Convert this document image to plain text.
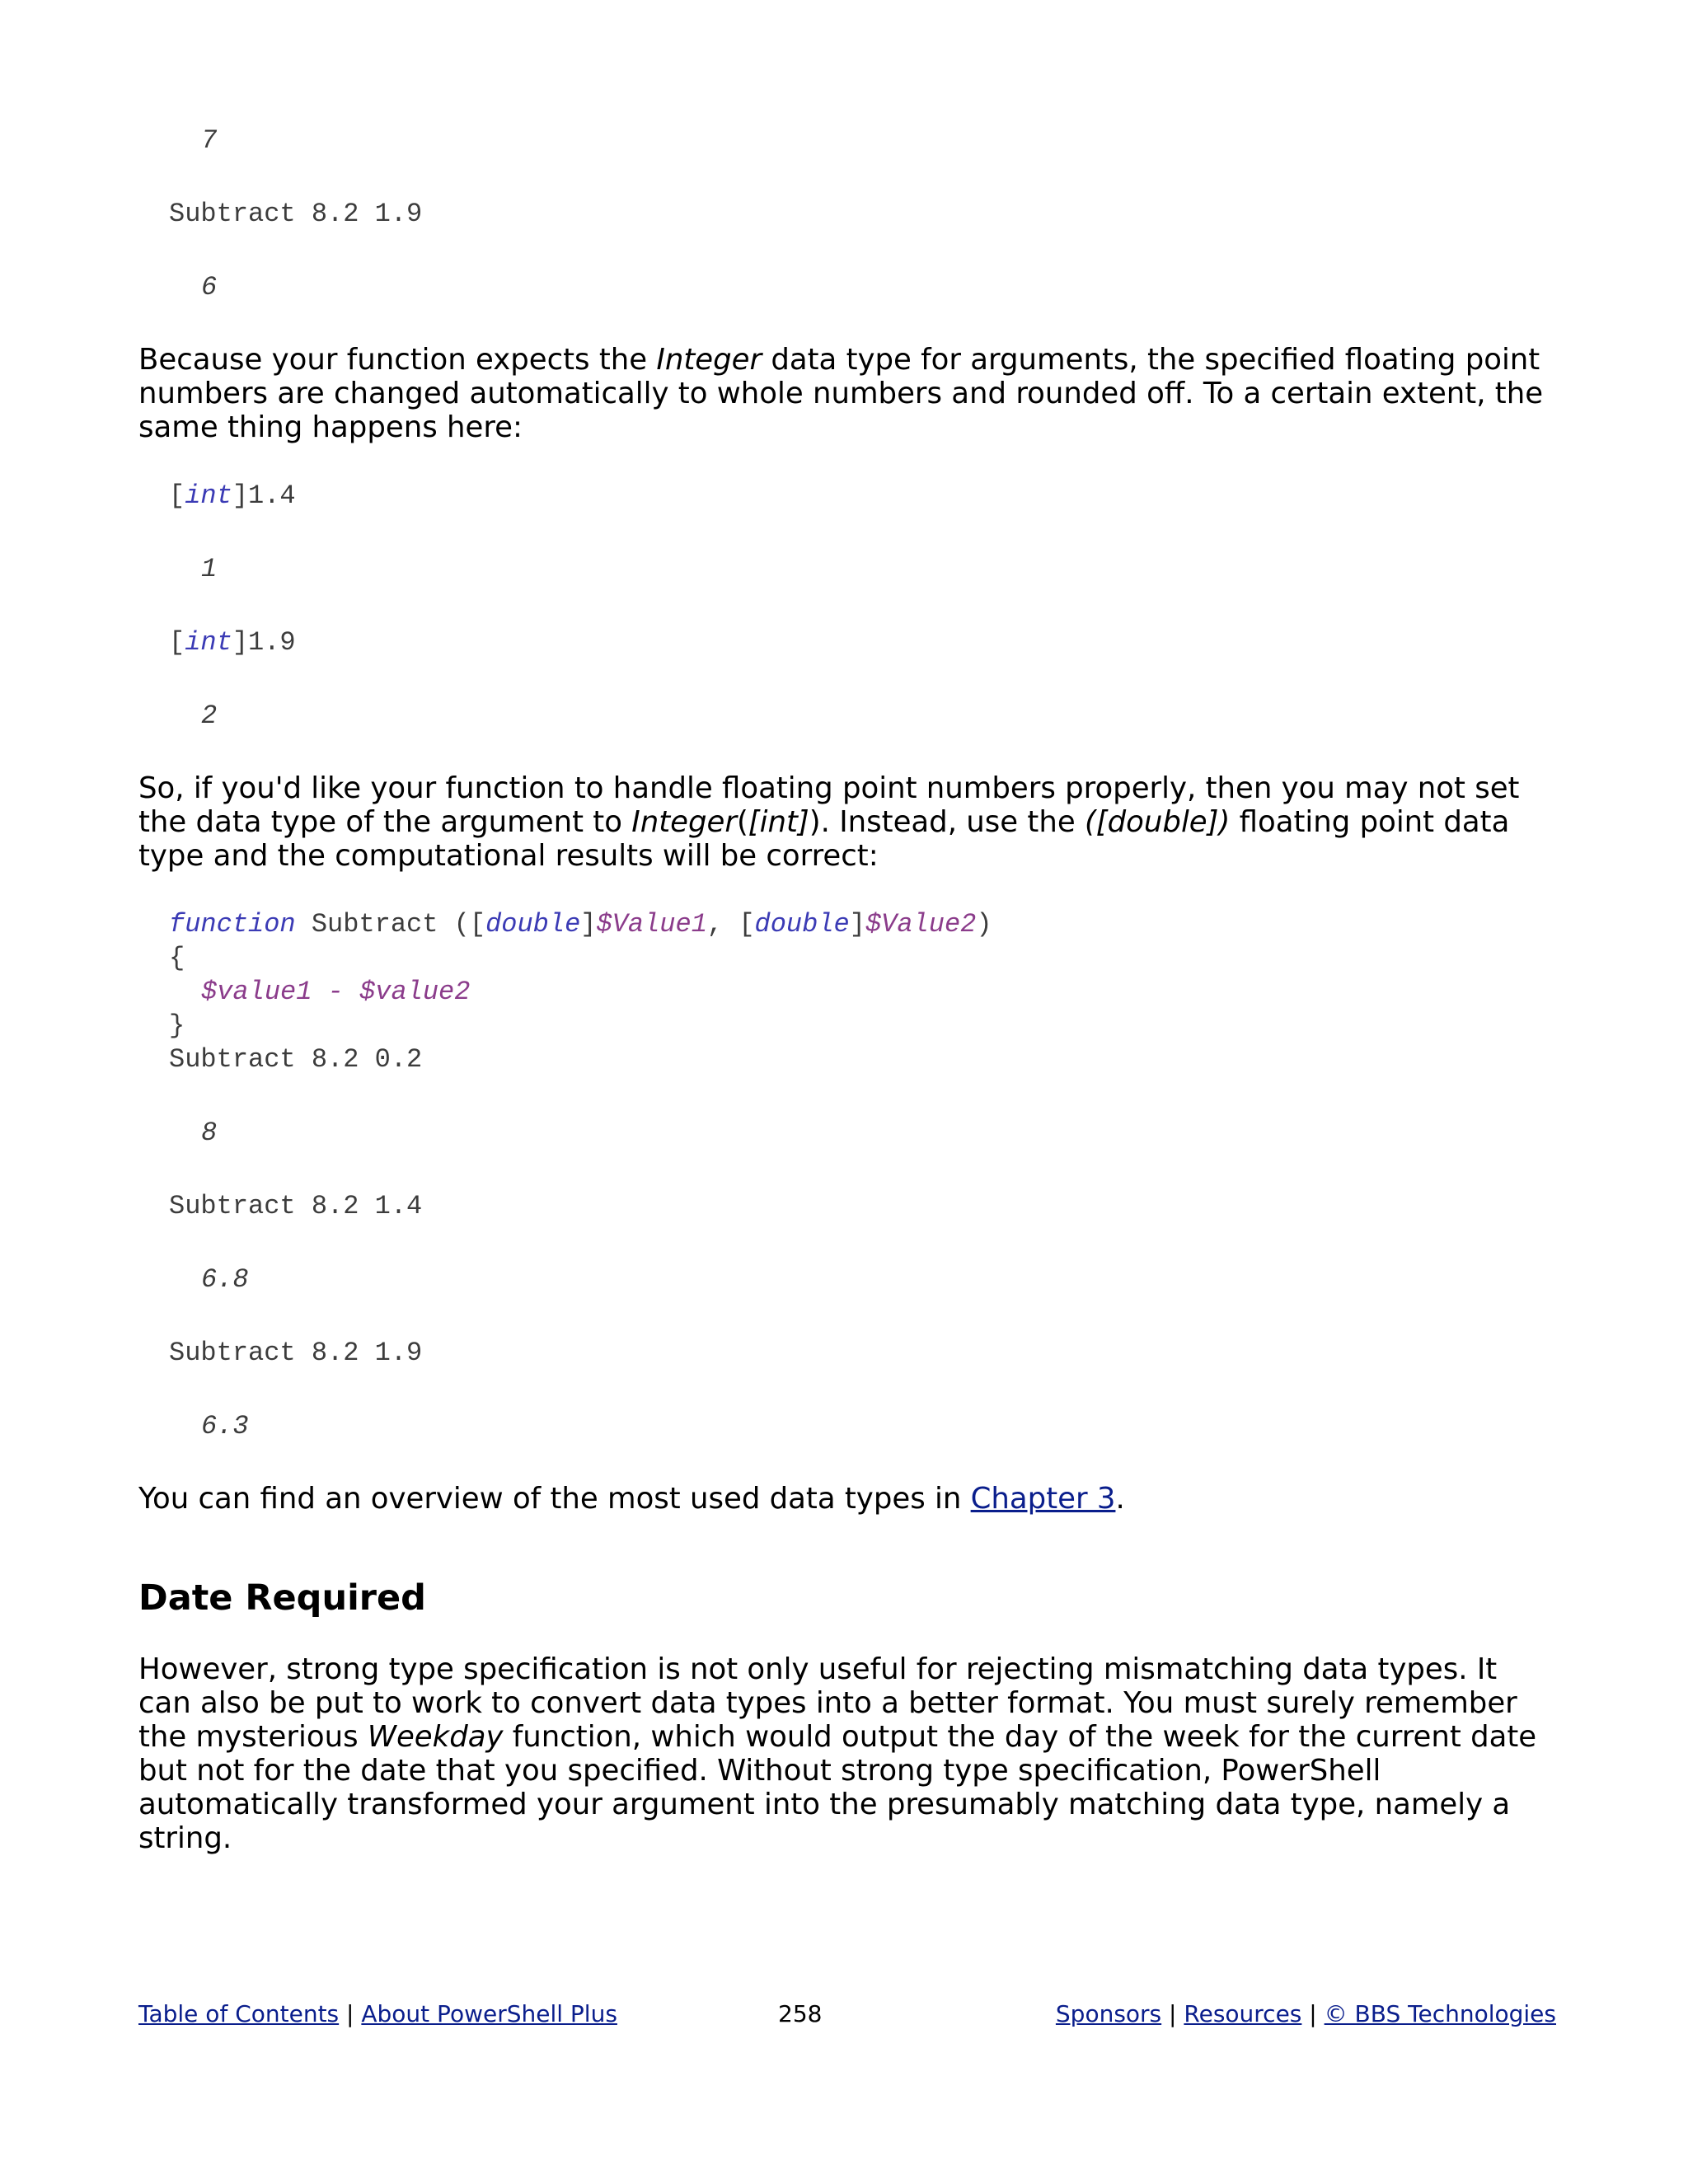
7
Subtract 8.2 1.9
6

Because your function expects the Integer data type for arguments, the specified floating point numbers are changed automatically to whole numbers and rounded off. To a certain extent, the same thing happens here:

[int]1.4
1
[int]1.9
2

So, if you'd like your function to handle floating point numbers properly, then you may not set the data type of the argument to Integer([int]). Instead, use the ([double]) floating point data type and the computational results will be correct:

function Subtract ([double]$Value1, [double]$Value2)
{
$value1 - $value2
}
Subtract 8.2 0.2
8
Subtract 8.2 1.4
6.8
Subtract 8.2 1.9
6.3

You can find an overview of the most used data types in Chapter 3.

Date Required

However, strong type specification is not only useful for rejecting mismatching data types. It can also be put to work to convert data types into a better format. You must surely remember the mysterious Weekday function, which would output the day of the week for the current date but not for the date that you specified. Without strong type specification, PowerShell automatically transformed your argument into the presumably matching data type, namely a string.

Table of Contents | About PowerShell Plus	258	Sponsors | Resources | © BBS Technologies
